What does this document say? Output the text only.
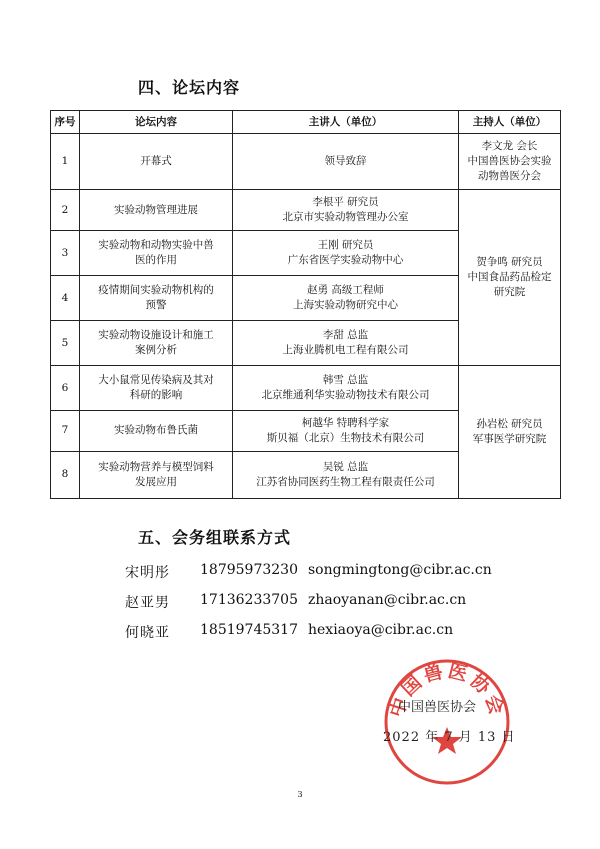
四、论坛内容
序号	论坛内容	主讲人（单位）	主持人（单位）
1	开幕式	领导致辞	李文龙 会长
中国兽医协会实验
动物兽医分会

2	实验动物管理进展	李根平 研究员
北京市实验动物管理办公室	贺争鸣 研究员
中国食品药品检定
研究院

3	实验动物和动物实验中兽
医的作用	王刚 研究员
广东省医学实验动物中心	

4	疫情期间实验动物机构的
预警	赵勇 高级工程师
上海实验动物研究中心	

5	实验动物设施设计和施工
案例分析	李甜 总监
上海业腾机电工程有限公司	

6	大小鼠常见传染病及其对
科研的影响	韩雪 总监
北京维通利华实验动物技术有限公司	孙岩松 研究员
军事医学研究院

7	实验动物布鲁氏菌	柯越华 特聘科学家
斯贝福（北京）生物技术有限公司	

8	实验动物营养与模型饲料
发展应用	吴锐 总监
江苏省协同医药生物工程有限责任公司	
五、会务组联系方式
宋明彤 18795973230 songmingtong@cibr.ac.cn
赵亚男 17136233705 zhaoyanan@cibr.ac.cn
何晓亚 18519745317 hexiaoya@cibr.ac.cn
中国兽医协会
中国兽医协会
2022 年 7 月 13 日
3
